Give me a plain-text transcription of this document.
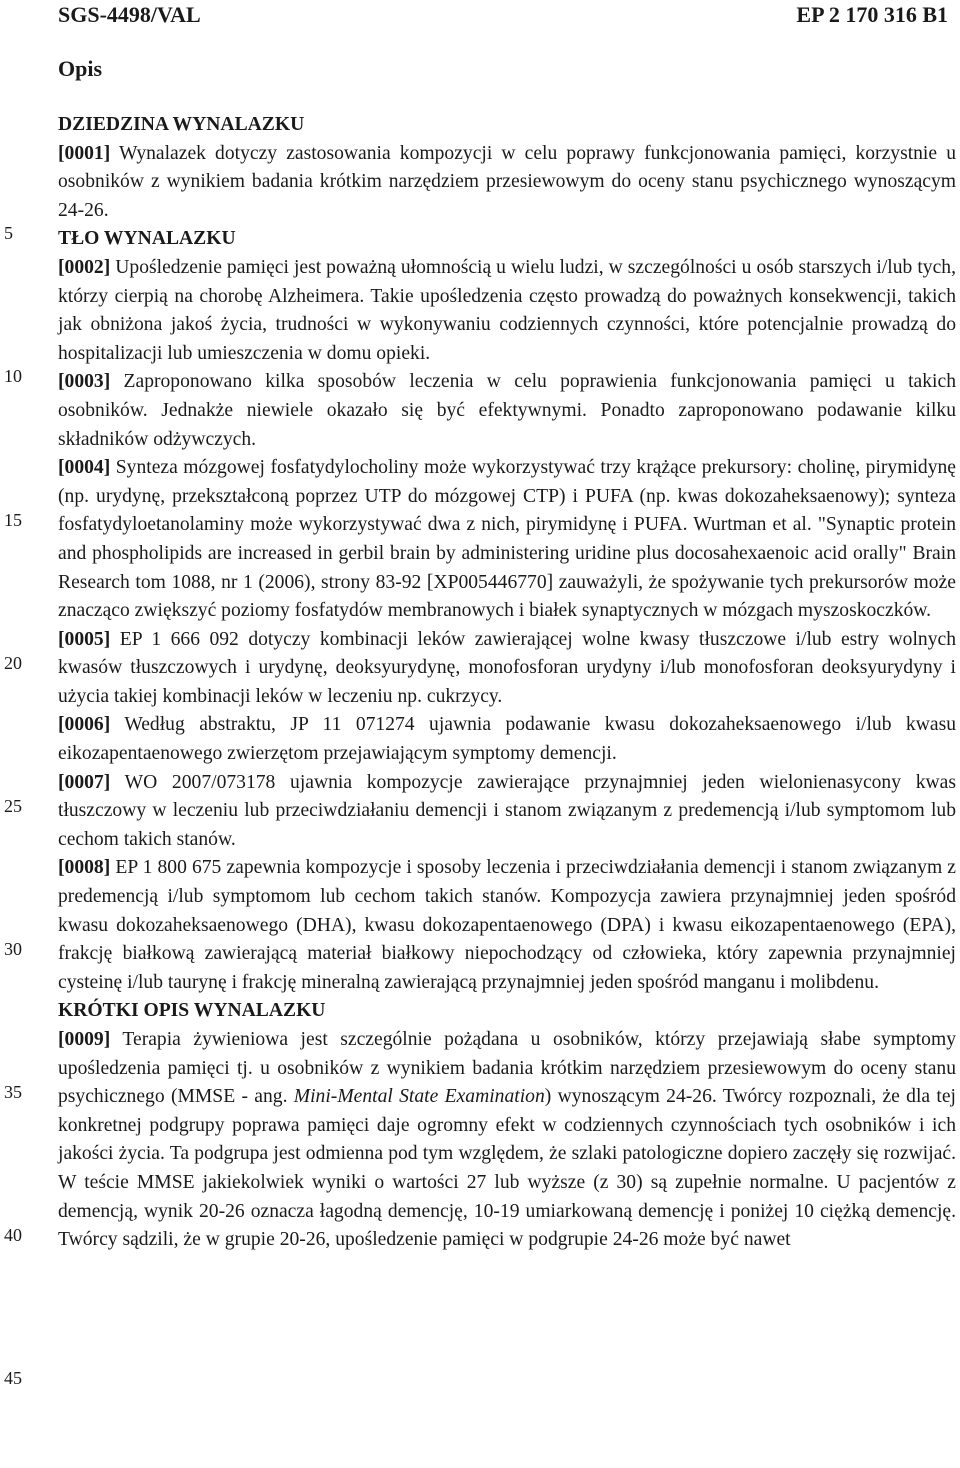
SGS-4498/VAL	EP 2 170 316 B1
Opis
5
10
15
20
25
30
35
40
45
DZIEDZINA WYNALAZKU
[0001] Wynalazek dotyczy zastosowania kompozycji w celu poprawy funkcjonowania pamięci, korzystnie u osobników z wynikiem badania krótkim narzędziem przesiewowym do oceny stanu psychicznego wynoszącym 24-26.
TŁO WYNALAZKU
[0002] Upośledzenie pamięci jest poważną ułomnością u wielu ludzi, w szczególności u osób starszych i/lub tych, którzy cierpią na chorobę Alzheimera. Takie upośledzenia często prowadzą do poważnych konsekwencji, takich jak obniżona jakoś życia, trudności w wykonywaniu codziennych czynności, które potencjalnie prowadzą do hospitalizacji lub umieszczenia w domu opieki.
[0003] Zaproponowano kilka sposobów leczenia w celu poprawienia funkcjonowania pamięci u takich osobników. Jednakże niewiele okazało się być efektywnymi. Ponadto zaproponowano podawanie kilku składników odżywczych.
[0004] Synteza mózgowej fosfatydylocholiny może wykorzystywać trzy krążące prekursory: cholinę, pirymidynę (np. urydynę, przekształconą poprzez UTP do mózgowej CTP) i PUFA (np. kwas dokozaheksaenowy); synteza fosfatydyloetanolaminy może wykorzystywać dwa z nich, pirymidynę i PUFA. Wurtman et al. "Synaptic protein and phospholipids are increased in gerbil brain by administering uridine plus docosahexaenoic acid orally" Brain Research tom 1088, nr 1 (2006), strony 83-92 [XP005446770] zauważyli, że spożywanie tych prekursorów może znacząco zwiększyć poziomy fosfatydów membranowych i białek synaptycznych w mózgach myszoskoczków.
[0005] EP 1 666 092 dotyczy kombinacji leków zawierającej wolne kwasy tłuszczowe i/lub estry wolnych kwasów tłuszczowych i urydynę, deoksyurydynę, monofosforan urydyny i/lub monofosforan deoksyurydyny i użycia takiej kombinacji leków w leczeniu np. cukrzycy.
[0006] Według abstraktu, JP 11 071274 ujawnia podawanie kwasu dokozaheksaenowego i/lub kwasu eikozapentaenowego zwierzętom przejawiającym symptomy demencji.
[0007] WO 2007/073178 ujawnia kompozycje zawierające przynajmniej jeden wielonienasycony kwas tłuszczowy w leczeniu lub przeciwdziałaniu demencji i stanom związanym z predemencją i/lub symptomom lub cechom takich stanów.
[0008] EP 1 800 675 zapewnia kompozycje i sposoby leczenia i przeciwdziałania demencji i stanom związanym z predemencją i/lub symptomom lub cechom takich stanów. Kompozycja zawiera przynajmniej jeden spośród kwasu dokozaheksaenowego (DHA), kwasu dokozapentaenowego (DPA) i kwasu eikozapentaenowego (EPA), frakcję białkową zawierającą materiał białkowy niepochodzący od człowieka, który zapewnia przynajmniej cysteinę i/lub taurynę i frakcję mineralną zawierającą przynajmniej jeden spośród manganu i molibdenu.
KRÓTKI OPIS WYNALAZKU
[0009] Terapia żywieniowa jest szczególnie pożądana u osobników, którzy przejawiają słabe symptomy upośledzenia pamięci tj. u osobników z wynikiem badania krótkim narzędziem przesiewowym do oceny stanu psychicznego (MMSE - ang. Mini-Mental State Examination) wynoszącym 24-26. Twórcy rozpoznali, że dla tej konkretnej podgrupy poprawa pamięci daje ogromny efekt w codziennych czynnościach tych osobników i ich jakości życia. Ta podgrupa jest odmienna pod tym względem, że szlaki patologiczne dopiero zaczęły się rozwijać. W teście MMSE jakiekolwiek wyniki o wartości 27 lub wyższe (z 30) są zupełnie normalne. U pacjentów z demencją, wynik 20-26 oznacza łagodną demencję, 10-19 umiarkowaną demencję i poniżej 10 ciężką demencję. Twórcy sądzili, że w grupie 20-26, upośledzenie pamięci w podgrupie 24-26 może być nawet
